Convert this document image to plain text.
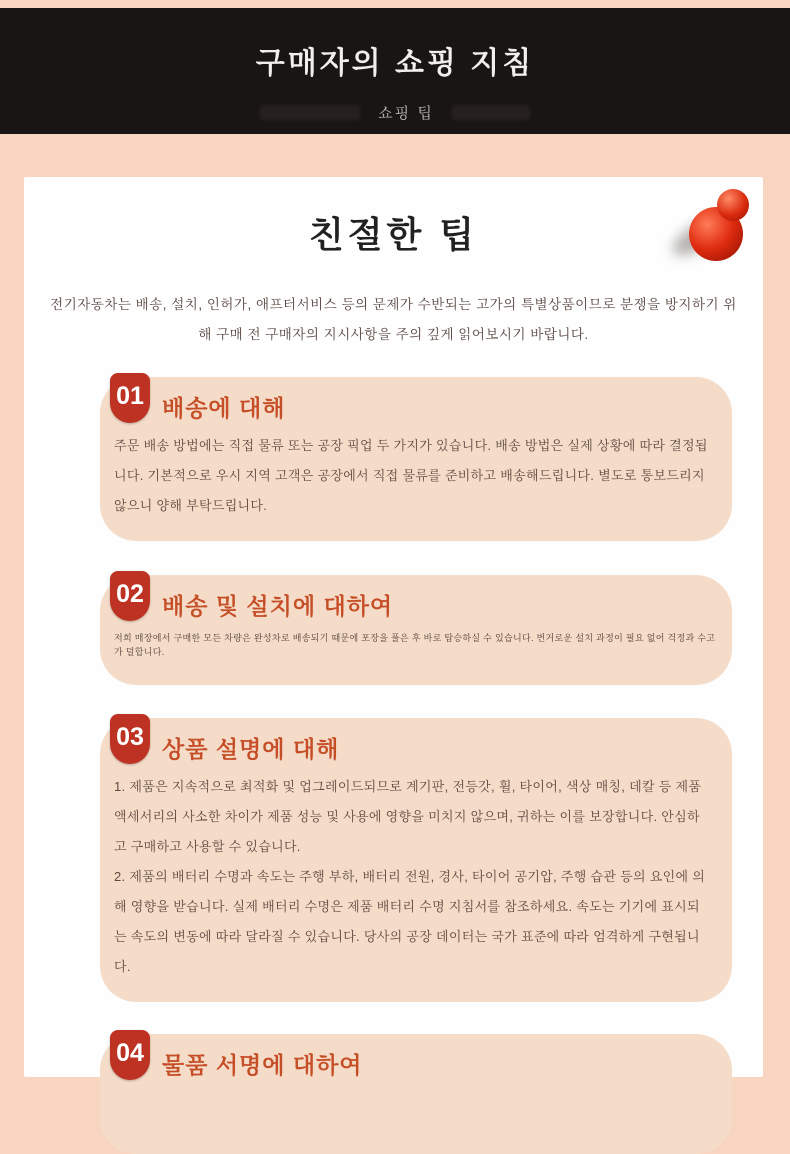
구매자의 쇼핑 지침
쇼핑 팁
친절한 팁

전기자동차는 배송, 설치, 인허가, 애프터서비스 등의 문제가 수반되는 고가의 특별상품이므로 분쟁을 방지하기 위해 구매 전 구매자의 지시사항을 주의 깊게 읽어보시기 바랍니다.

01 배송에 대해

주문 배송 방법에는 직접 물류 또는 공장 픽업 두 가지가 있습니다. 배송 방법은 실제 상황에 따라 결정됩니다. 기본적으로 우시 지역 고객은 공장에서 직접 물류를 준비하고 배송해드립니다. 별도로 통보드리지 않으니 양해 부탁드립니다.

02 배송 및 설치에 대하여

저희 매장에서 구매한 모든 차량은 완성차로 배송되기 때문에 포장을 풀은 후 바로 탑승하실 수 있습니다. 번거로운 설치 과정이 필요 없어 걱정과 수고가 덜합니다.

03 상품 설명에 대해

1. 제품은 지속적으로 최적화 및 업그레이드되므로 계기판, 전등갓, 휠, 타이어, 색상 매칭, 데칼 등 제품 액세서리의 사소한 차이가 제품 성능 및 사용에 영향을 미치지 않으며, 귀하는 이를 보장합니다. 안심하고 구매하고 사용할 수 있습니다.

2. 제품의 배터리 수명과 속도는 주행 부하, 배터리 전원, 경사, 타이어 공기압, 주행 습관 등의 요인에 의해 영향을 받습니다. 실제 배터리 수명은 제품 배터리 수명 지침서를 참조하세요. 속도는 기기에 표시되는 속도의 변동에 따라 달라질 수 있습니다. 당사의 공장 데이터는 국가 표준에 따라 엄격하게 구현됩니다.

04 물품 서명에 대하여
